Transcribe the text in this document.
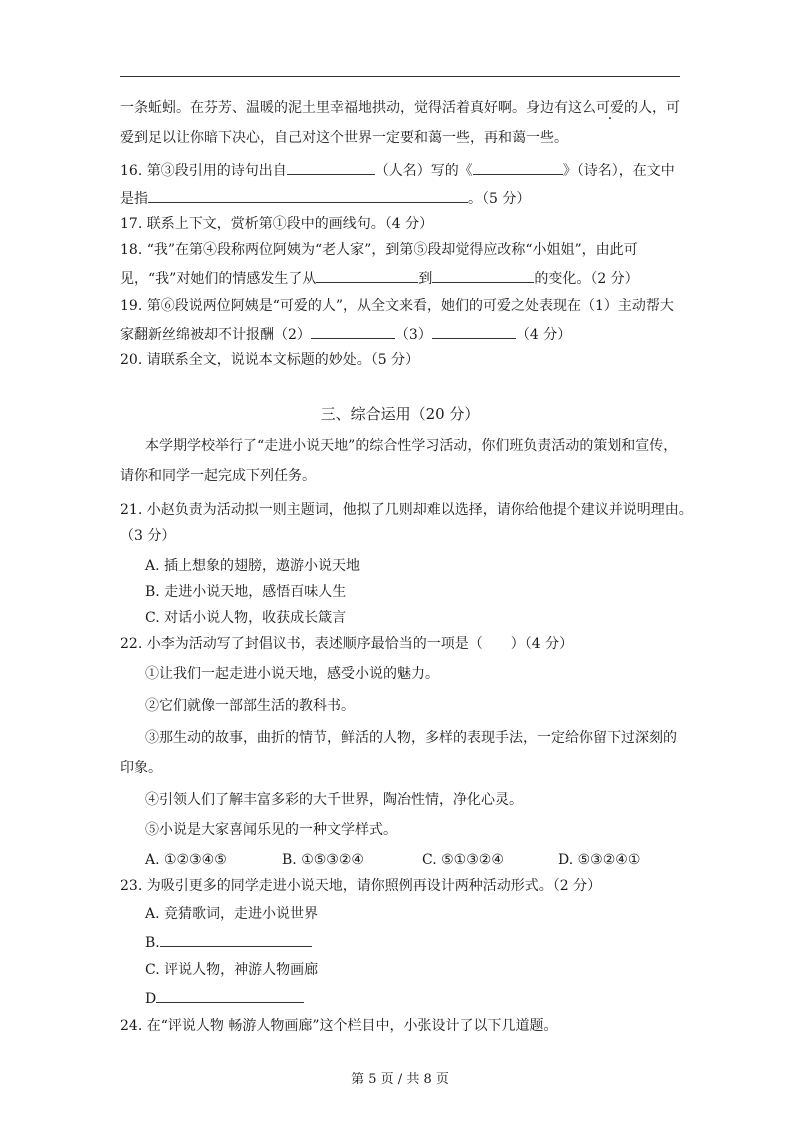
一条蚯蚓。在芬芳、温暖的泥土里幸福地拱动，觉得活着真好啊。身边有这么可爱的人，可
爱到足以让你暗下决心，自己对这个世界一定要和蔼一些，再和蔼一些。
16. 第③段引用的诗句出自	（人名）写的《	》（诗名），在文中
是指	。（5 分）
17. 联系上下文，赏析第①段中的画线句。（4 分）
18. “我”在第④段称两位阿姨为“老人家”，到第⑤段却觉得应改称“小姐姐”，由此可
见，“我”对她们的情感发生了从	到	的变化。（2 分）
19. 第⑥段说两位阿姨是“可爱的人”，从全文来看，她们的可爱之处表现在（1）主动帮大
家翻新丝绵被却不计报酬（2）	（3）	（4 分）
20. 请联系全文，说说本文标题的妙处。（5 分）
三、综合运用（20 分）
本学期学校举行了“走进小说天地”的综合性学习活动，你们班负责活动的策划和宣传，
请你和同学一起完成下列任务。
21. 小赵负责为活动拟一则主题词，他拟了几则却难以选择，请你给他提个建议并说明理由。
（3 分）
A. 插上想象的翅膀，遨游小说天地
B. 走进小说天地，感悟百味人生
C. 对话小说人物，收获成长箴言
22. 小李为活动写了封倡议书，表述顺序最恰当的一项是（　　）（4 分）
①让我们一起走进小说天地，感受小说的魅力。
②它们就像一部部生活的教科书。
③那生动的故事，曲折的情节，鲜活的人物，多样的表现手法，一定给你留下过深刻的
印象。
④引领人们了解丰富多彩的大千世界，陶冶性情，净化心灵。
⑤小说是大家喜闻乐见的一种文学样式。
A. ①②③④⑤	B. ①⑤③②④	C. ⑤①③②④	D. ⑤③②④①
23. 为吸引更多的同学走进小说天地，请你照例再设计两种活动形式。（2 分）
A. 竞猜歌词，走进小说世界
B.
C. 评说人物，神游人物画廊
D
24. 在“评说人物 畅游人物画廊”这个栏目中，小张设计了以下几道题。
第 5 页 / 共 8 页
